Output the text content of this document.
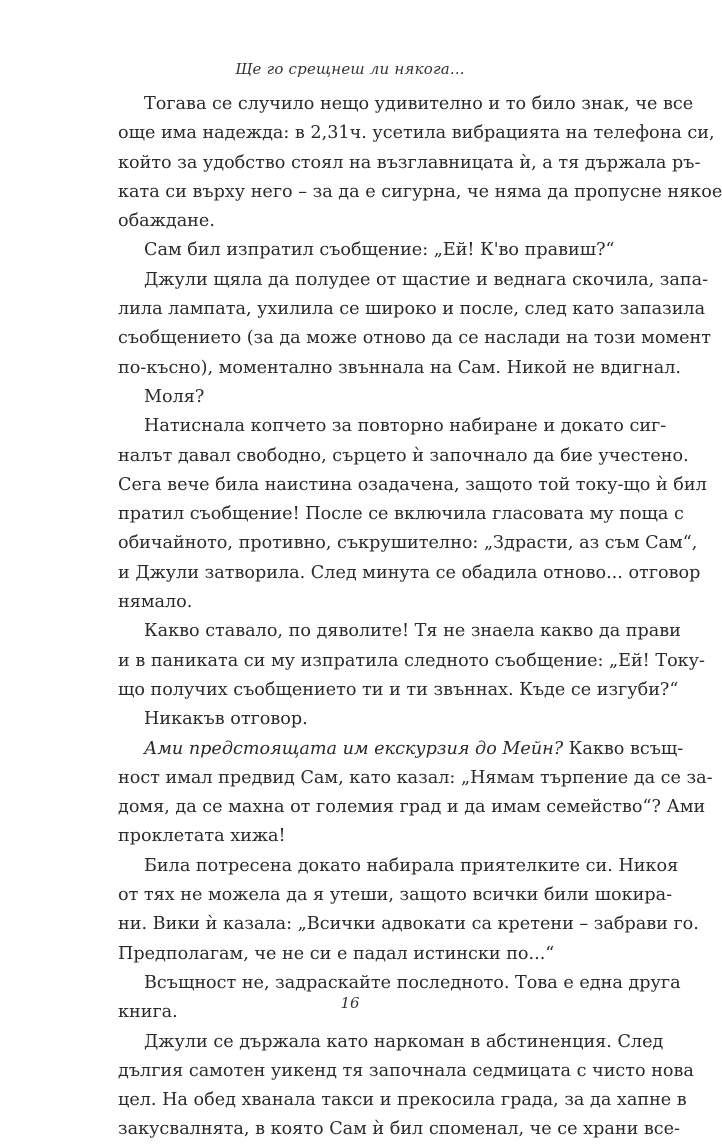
Ще го срещнеш ли някога...
Тогава се случило нещо удивително и то било знак, че все
още има надежда: в 2,31ч. усетила вибрацията на телефона си,
който за удобство стоял на възглавницата ѝ, а тя държала ръ-
ката си върху него – за да е сигурна, че няма да пропусне някое
обаждане.
Сам бил изпратил съобщение: „Ей! К'во правиш?“
Джули щяла да полудее от щастие и веднага скочила, запа-
лила лампата, ухилила се широко и после, след като запазила
съобщението (за да може отново да се наслади на този момент
по-късно), моментално звъннала на Сам. Никой не вдигнал.
Моля?
Натиснала копчето за повторно набиране и докато сиг-
налът давал свободно, сърцето ѝ започнало да бие учестено.
Сега вече била наистина озадачена, защото той току-що ѝ бил
пратил съобщение! После се включила гласовата му поща с
обичайното, противно, съкрушително: „Здрасти, аз съм Сам“,
и Джули затворила. След минута се обадила отново... отговор
нямало.
Какво ставало, по дяволите! Тя не знаела какво да прави
и в паниката си му изпратила следното съобщение: „Ей! Току-
що получих съобщението ти и ти звъннах. Къде се изгуби?“
Никакъв отговор.
Ами предстоящата им екскурзия до Мейн? Какво всъщ-
ност имал предвид Сам, като казал: „Нямам търпение да се за-
домя, да се махна от големия град и да имам семейство“? Ами
проклетата хижа!
Била потресена докато набирала приятелките си. Никоя
от тях не можела да я утеши, защото всички били шокира-
ни. Вики ѝ казала: „Всички адвокати са кретени – забрави го.
Предполагам, че не си е падал истински по...“
Всъщност не, задраскайте последното. Това е една друга
книга.
Джули се държала като наркоман в абстиненция. След
дългия самотен уикенд тя започнала седмицата с чисто нова
цел. На обед хванала такси и прекосила града, за да хапне в
закусвалнята, в която Сам ѝ бил споменал, че се храни все-
16
